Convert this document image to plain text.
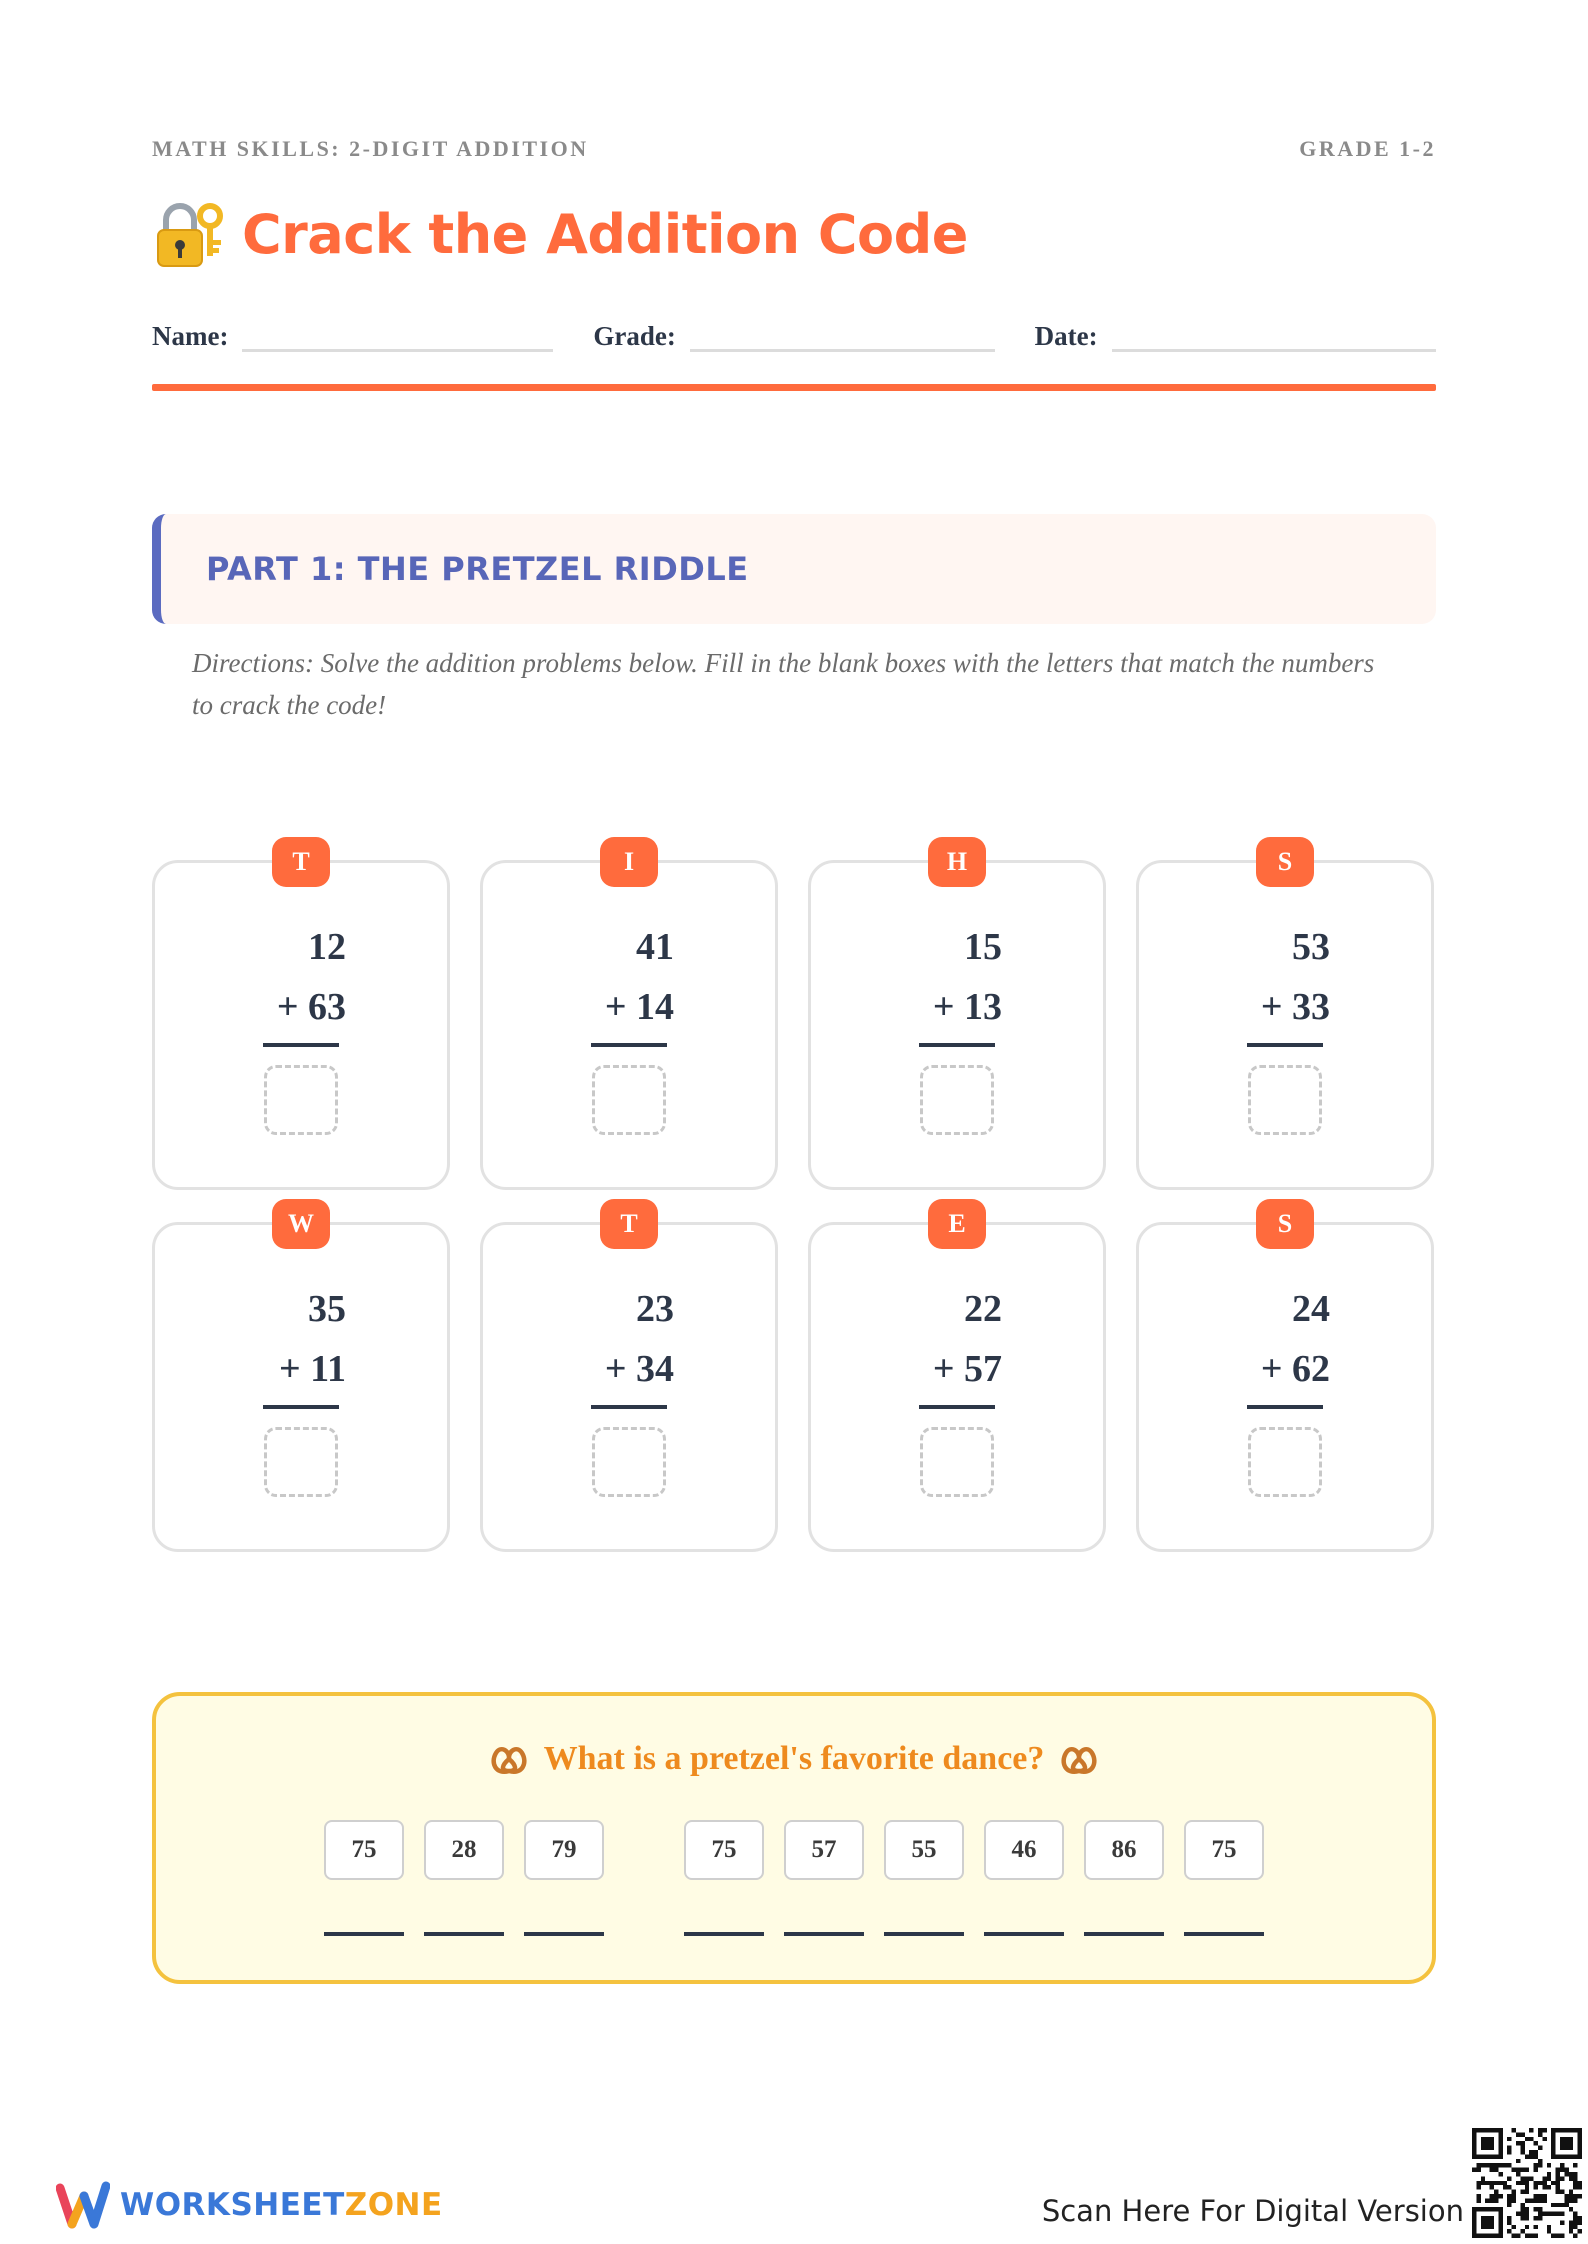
MATH SKILLS: 2-DIGIT ADDITION	GRADE 1-2
Crack the Addition Code
Name:	Grade:	Date:
PART 1: THE PRETZEL RIDDLE

Directions: Solve the addition problems below. Fill in the blank boxes with the letters that match the numbers to crack the code!

T
12
+ 63
I
41
+ 14
H
15
+ 13
S
53
+ 33
W
35
+ 11
T
23
+ 34
E
22
+ 57
S
24
+ 62
What is a pretzel's favorite dance?
75	28	79	75	57	55	46	86	75
WORKSHEETZONE	Scan Here For Digital Version
